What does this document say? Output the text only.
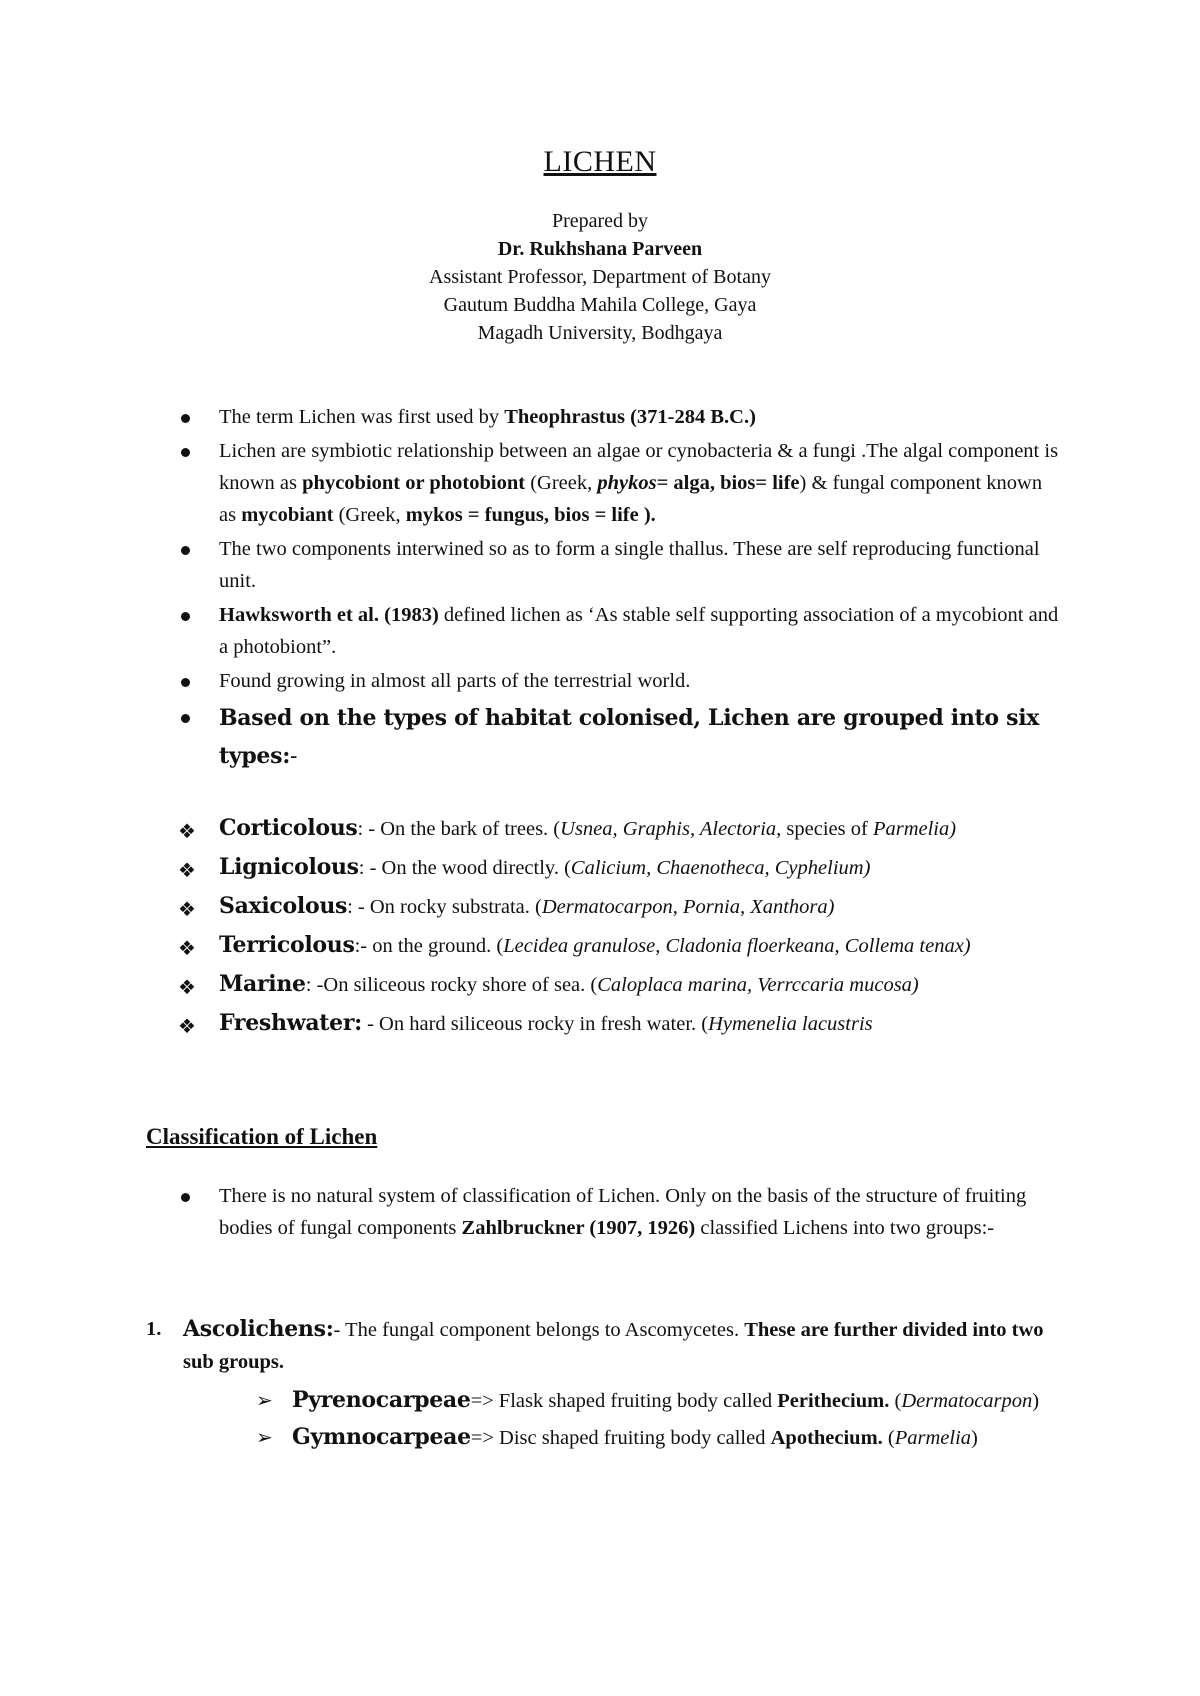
LICHEN
Prepared by
Dr. Rukhshana Parveen
Assistant Professor, Department of Botany
Gautum Buddha Mahila College, Gaya
Magadh University, Bodhgaya
The term Lichen was first used by Theophrastus (371-284 B.C.)
Lichen are symbiotic relationship between an algae or cynobacteria & a fungi .The algal component is known as phycobiont or photobiont (Greek, phykos= alga, bios= life) & fungal component known as mycobiant (Greek, mykos = fungus, bios = life ).
The two components interwined so as to form a single thallus. These are self reproducing functional unit.
Hawksworth et al. (1983) defined lichen as ‘As stable self supporting association of a mycobiont and a photobiont”.
Found growing in almost all parts of the terrestrial world.
Based on the types of habitat colonised, Lichen are grouped into six types:-
❖ Corticolous: - On the bark of trees. (Usnea, Graphis, Alectoria, species of Parmelia)
❖ Lignicolous: - On the wood directly. (Calicium, Chaenotheca, Cyphelium)
❖ Saxicolous: - On rocky substrata. (Dermatocarpon, Pornia, Xanthora)
❖ Terricolous:- on the ground. (Lecidea granulose, Cladonia floerkeana, Collema tenax)
❖ Marine: -On siliceous rocky shore of sea. (Caloplaca marina, Verrccaria mucosa)
❖ Freshwater: - On hard siliceous rocky in fresh water. (Hymenelia lacustris
Classification of Lichen
There is no natural system of classification of Lichen. Only on the basis of the structure of fruiting bodies of fungal components Zahlbruckner (1907, 1926) classified Lichens into two groups:-
1. Ascolichens:- The fungal component belongs to Ascomycetes. These are further divided into two sub groups.
➢ Pyrenocarpeae=> Flask shaped fruiting body called Perithecium. (Dermatocarpon)
➢ Gymnocarpeae=> Disc shaped fruiting body called Apothecium. (Parmelia)
